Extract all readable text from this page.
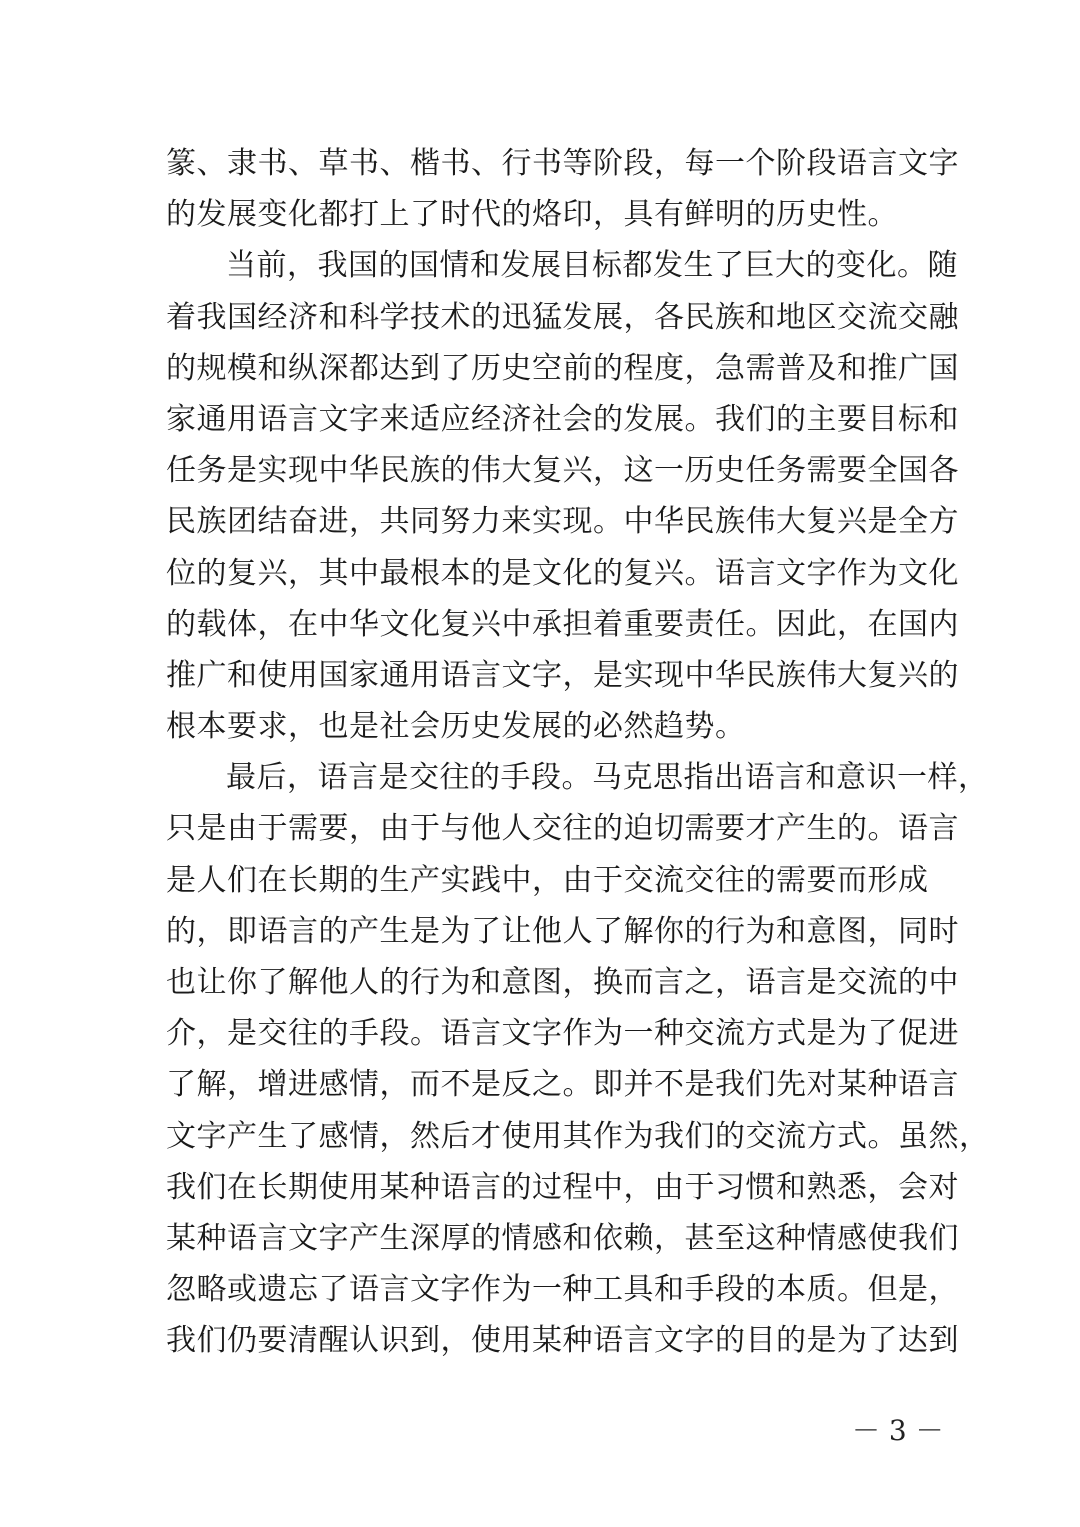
篆、隶书、草书、楷书、行书等阶段，每一个阶段语言文字
的发展变化都打上了时代的烙印，具有鲜明的历史性。
当前，我国的国情和发展目标都发生了巨大的变化。随
着我国经济和科学技术的迅猛发展，各民族和地区交流交融
的规模和纵深都达到了历史空前的程度，急需普及和推广国
家通用语言文字来适应经济社会的发展。我们的主要目标和
任务是实现中华民族的伟大复兴，这一历史任务需要全国各
民族团结奋进，共同努力来实现。中华民族伟大复兴是全方
位的复兴，其中最根本的是文化的复兴。语言文字作为文化
的载体，在中华文化复兴中承担着重要责任。因此，在国内
推广和使用国家通用语言文字，是实现中华民族伟大复兴的
根本要求，也是社会历史发展的必然趋势。
最后，语言是交往的手段。马克思指出语言和意识一样，
只是由于需要，由于与他人交往的迫切需要才产生的。语言
是人们在长期的生产实践中，由于交流交往的需要而形成
的，即语言的产生是为了让他人了解你的行为和意图，同时
也让你了解他人的行为和意图，换而言之，语言是交流的中
介，是交往的手段。语言文字作为一种交流方式是为了促进
了解，增进感情，而不是反之。即并不是我们先对某种语言
文字产生了感情，然后才使用其作为我们的交流方式。虽然，
我们在长期使用某种语言的过程中，由于习惯和熟悉，会对
某种语言文字产生深厚的情感和依赖，甚至这种情感使我们
忽略或遗忘了语言文字作为一种工具和手段的本质。但是，
我们仍要清醒认识到，使用某种语言文字的目的是为了达到
－ 3 －
